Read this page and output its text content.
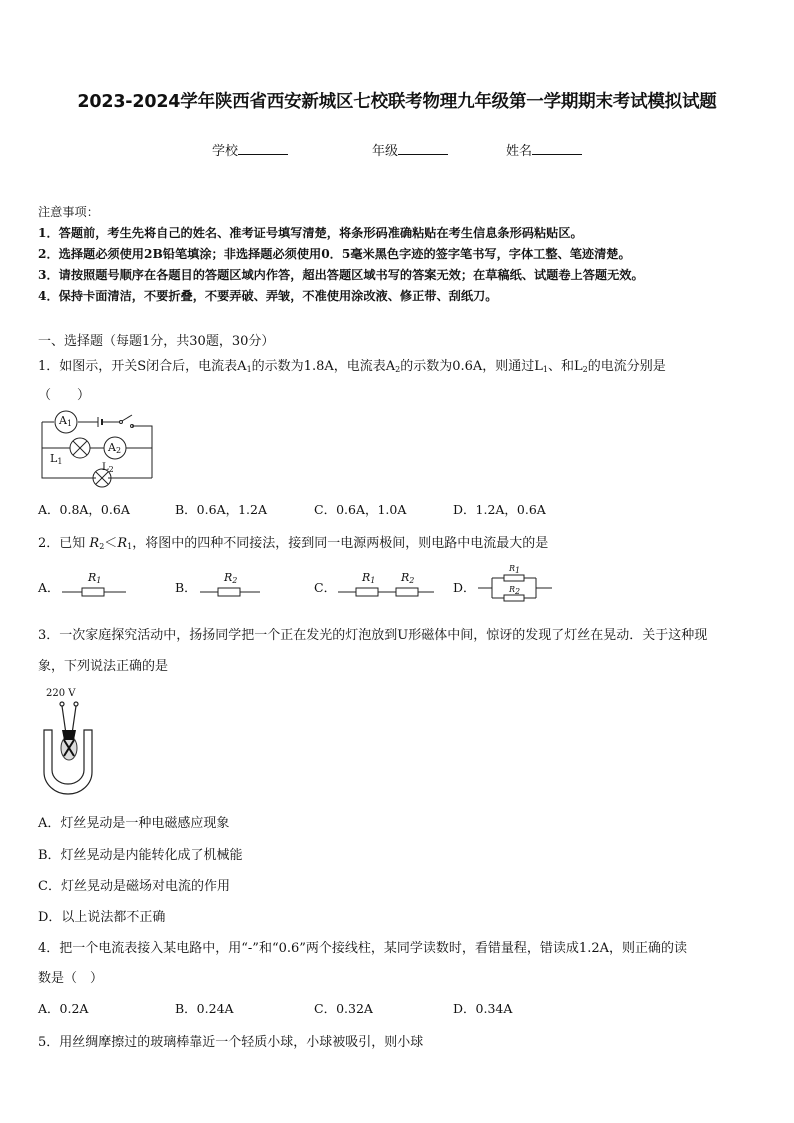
2023-2024学年陕西省西安新城区七校联考物理九年级第一学期期末考试模拟试题
学校	年级	姓名
注意事项：
1．答题前，考生先将自己的姓名、准考证号填写清楚，将条形码准确粘贴在考生信息条形码粘贴区。
2．选择题必须使用2B铅笔填涂；非选择题必须使用0．5毫米黑色字迹的签字笔书写，字体工整、笔迹清楚。
3．请按照题号顺序在各题目的答题区域内作答，超出答题区域书写的答案无效；在草稿纸、试题卷上答题无效。
4．保持卡面清洁，不要折叠，不要弄破、弄皱，不准使用涂改液、修正带、刮纸刀。
一、选择题（每题1分，共30题，30分）
1．如图示，开关S闭合后，电流表$A_1$的示数为1.8A，电流表$A_2$的示数为0.6A，则通过$L_1$、和$L_2$的电流分别是
（　　）
$A_1$
$A_2$
$L_1$
$L_2$
A．0.8A，0.6A	B．0.6A，1.2A	C．0.6A，1.0A	D．1.2A，0.6A
2．已知 $R_2<R_1$，将图中的四种不同接法，接到同一电源两极间，则电路中电流最大的是
A．	B．	C．	D．
$R_1$	$R_2$	$R_1$ $R_2$
$R_1$
$R_2$
3．一次家庭探究活动中，扬扬同学把一个正在发光的灯泡放到U形磁体中间，惊讶的发现了灯丝在晃动．关于这种现
象，下列说法正确的是
220 V
A．灯丝晃动是一种电磁感应现象
B．灯丝晃动是内能转化成了机械能
C．灯丝晃动是磁场对电流的作用
D．以上说法都不正确
4．把一个电流表接入某电路中，用“-”和“0.6”两个接线柱，某同学读数时，看错量程，错读成1.2A，则正确的读
数是（　）
A．0.2A	B．0.24A	C．0.32A	D．0.34A
5．用丝绸摩擦过的玻璃棒靠近一个轻质小球，小球被吸引，则小球
